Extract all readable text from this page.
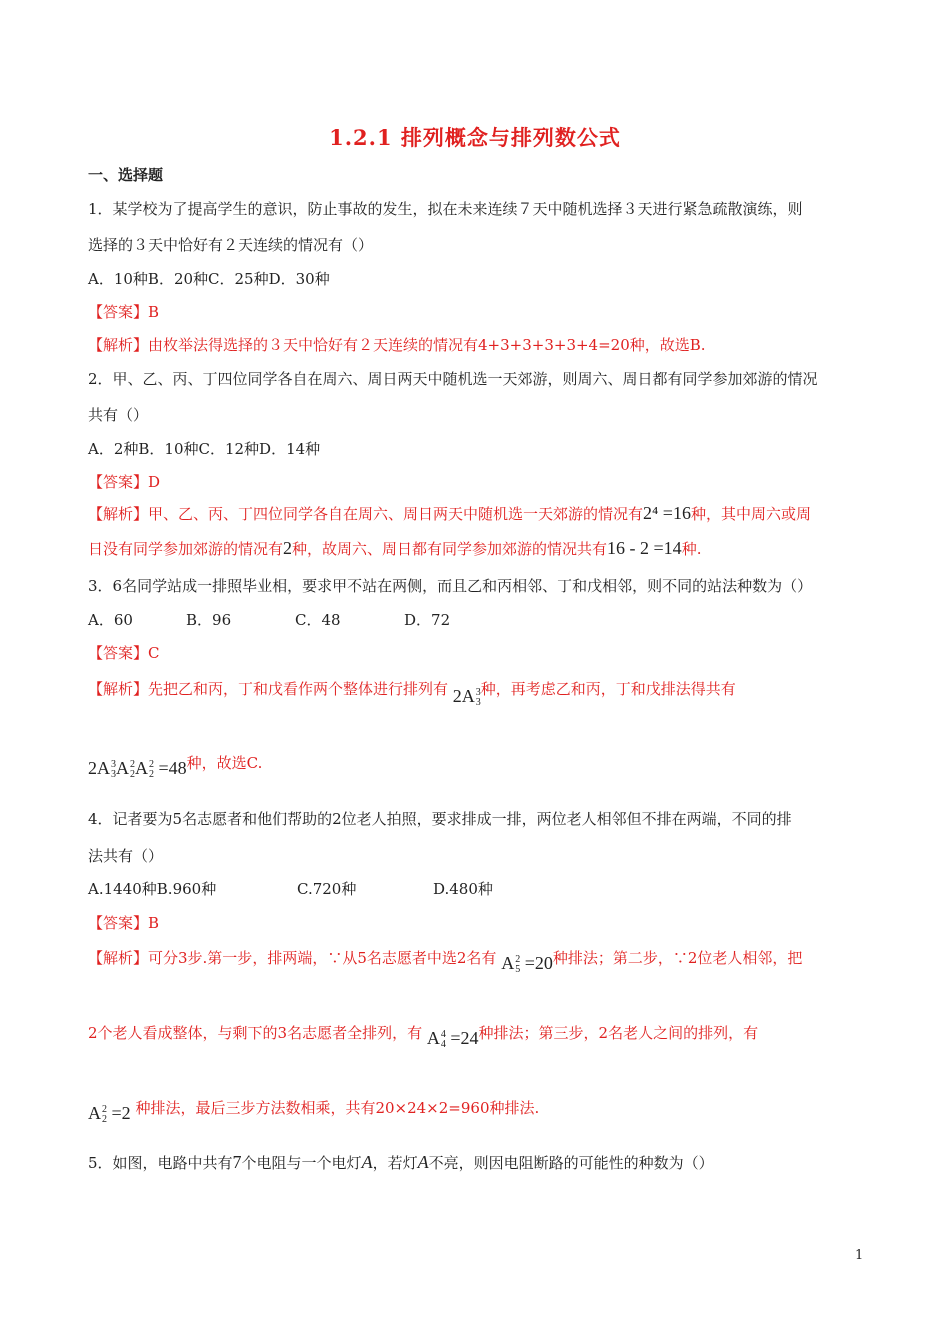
1.2.1 排列概念与排列数公式
一、选择题
1．某学校为了提高学生的意识，防止事故的发生，拟在未来连续７天中随机选择３天进行紧急疏散演练，则
选择的３天中恰好有２天连续的情况有（）
A．10种B．20种C．25种D．30种
【答案】B
【解析】由枚举法得选择的３天中恰好有２天连续的情况有4+3+3+3+3+4=20种，故选B.
2．甲、乙、丙、丁四位同学各自在周六、周日两天中随机选一天郊游，则周六、周日都有同学参加郊游的情况
共有（）
A．2种B．10种C．12种D．14种
【答案】D
【解析】甲、乙、丙、丁四位同学各自在周六、周日两天中随机选一天郊游的情况有2⁴ =16种，其中周六或周
日没有同学参加郊游的情况有2种，故周六、周日都有同学参加郊游的情况共有16 - 2 =14种.
3．6名同学站成一排照毕业相，要求甲不站在两侧，而且乙和丙相邻、丁和戊相邻，则不同的站法种数为（）
A．60	B．96	C．48	D．72
【答案】C
【解析】先把乙和丙，丁和戊看作两个整体进行排列有 2A 3
3
种，再考虑乙和丙，丁和戊排法得共有
2A 3
3 A 2
2 A 2
2 =48种，故选C.
4．记者要为5名志愿者和他们帮助的2位老人拍照，要求排成一排，两位老人相邻但不排在两端，不同的排
法共有（）
A.1440种B.960种	C.720种	D.480种
【答案】B
【解析】可分3步.第一步，排两端，∵从5名志愿者中选2名有 A 2
5 =20种排法；第二步，∵2位老人相邻，把
2个老人看成整体，与剩下的3名志愿者全排列，有 A 4
4 =24种排法；第三步，2名老人之间的排列，有
A 2
2 =2 种排法，最后三步方法数相乘，共有20×24×2=960种排法.
5．如图，电路中共有7个电阻与一个电灯A，若灯A不亮，则因电阻断路的可能性的种数为（）
1
